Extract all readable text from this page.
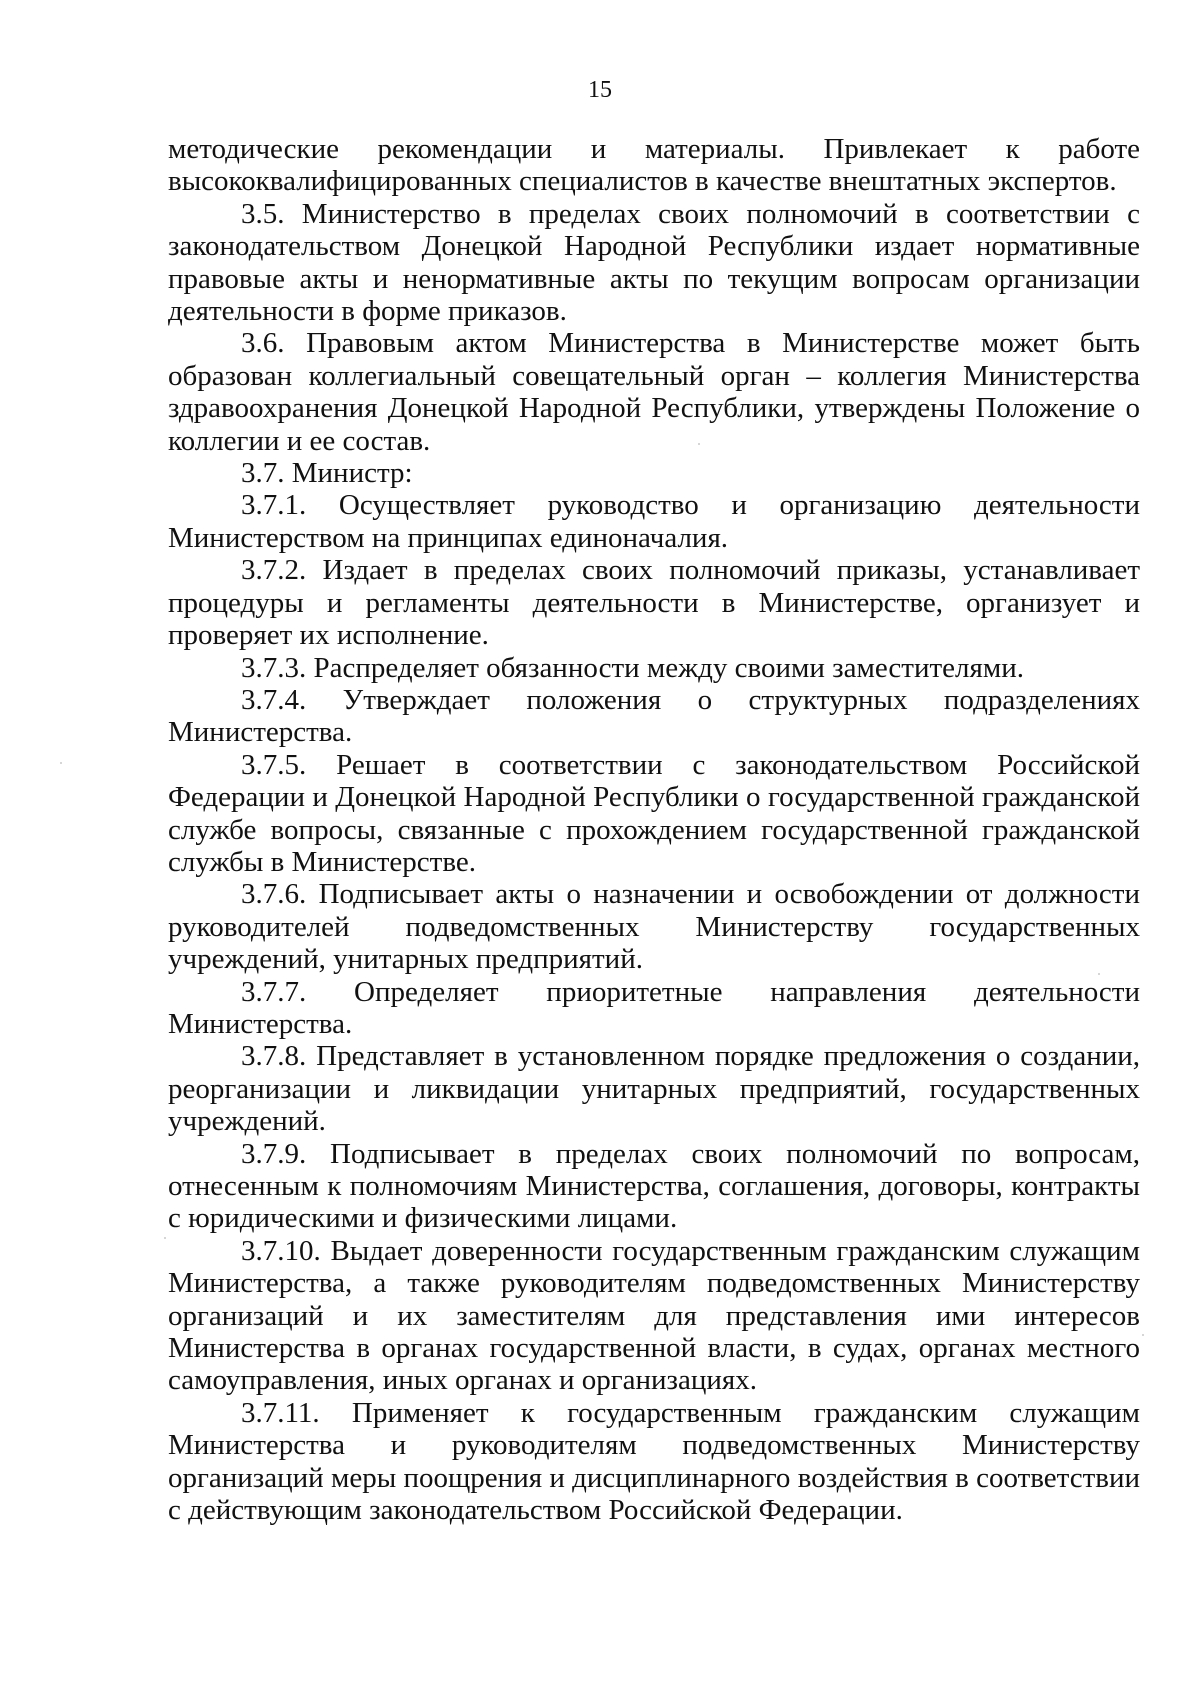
15

методические рекомендации и материалы. Привлекает к работе высококвалифицированных специалистов в качестве внештатных экспертов.

3.5. Министерство в пределах своих полномочий в соответствии с законодательством Донецкой Народной Республики издает нормативные правовые акты и ненормативные акты по текущим вопросам организации деятельности в форме приказов.

3.6. Правовым актом Министерства в Министерстве может быть образован коллегиальный совещательный орган – коллегия Министерства здравоохранения Донецкой Народной Республики, утверждены Положение о коллегии и ее состав.

3.7. Министр:

3.7.1. Осуществляет руководство и организацию деятельности Министерством на принципах единоначалия.

3.7.2. Издает в пределах своих полномочий приказы, устанавливает процедуры и регламенты деятельности в Министерстве, организует и проверяет их исполнение.

3.7.3. Распределяет обязанности между своими заместителями.

3.7.4. Утверждает положения о структурных подразделениях Министерства.

3.7.5. Решает в соответствии с законодательством Российской Федерации и Донецкой Народной Республики о государственной гражданской службе вопросы, связанные с прохождением государственной гражданской службы в Министерстве.

3.7.6. Подписывает акты о назначении и освобождении от должности руководителей подведомственных Министерству государственных учреждений, унитарных предприятий.

3.7.7. Определяет приоритетные направления деятельности Министерства.

3.7.8. Представляет в установленном порядке предложения о создании, реорганизации и ликвидации унитарных предприятий, государственных учреждений.

3.7.9. Подписывает в пределах своих полномочий по вопросам, отнесенным к полномочиям Министерства, соглашения, договоры, контракты с юридическими и физическими лицами.

3.7.10. Выдает доверенности государственным гражданским служащим Министерства, а также руководителям подведомственных Министерству организаций и их заместителям для представления ими интересов Министерства в органах государственной власти, в судах, органах местного самоуправления, иных органах и организациях.

3.7.11. Применяет к государственным гражданским служащим Министерства и руководителям подведомственных Министерству организаций меры поощрения и дисциплинарного воздействия в соответствии с действующим законодательством Российской Федерации.
